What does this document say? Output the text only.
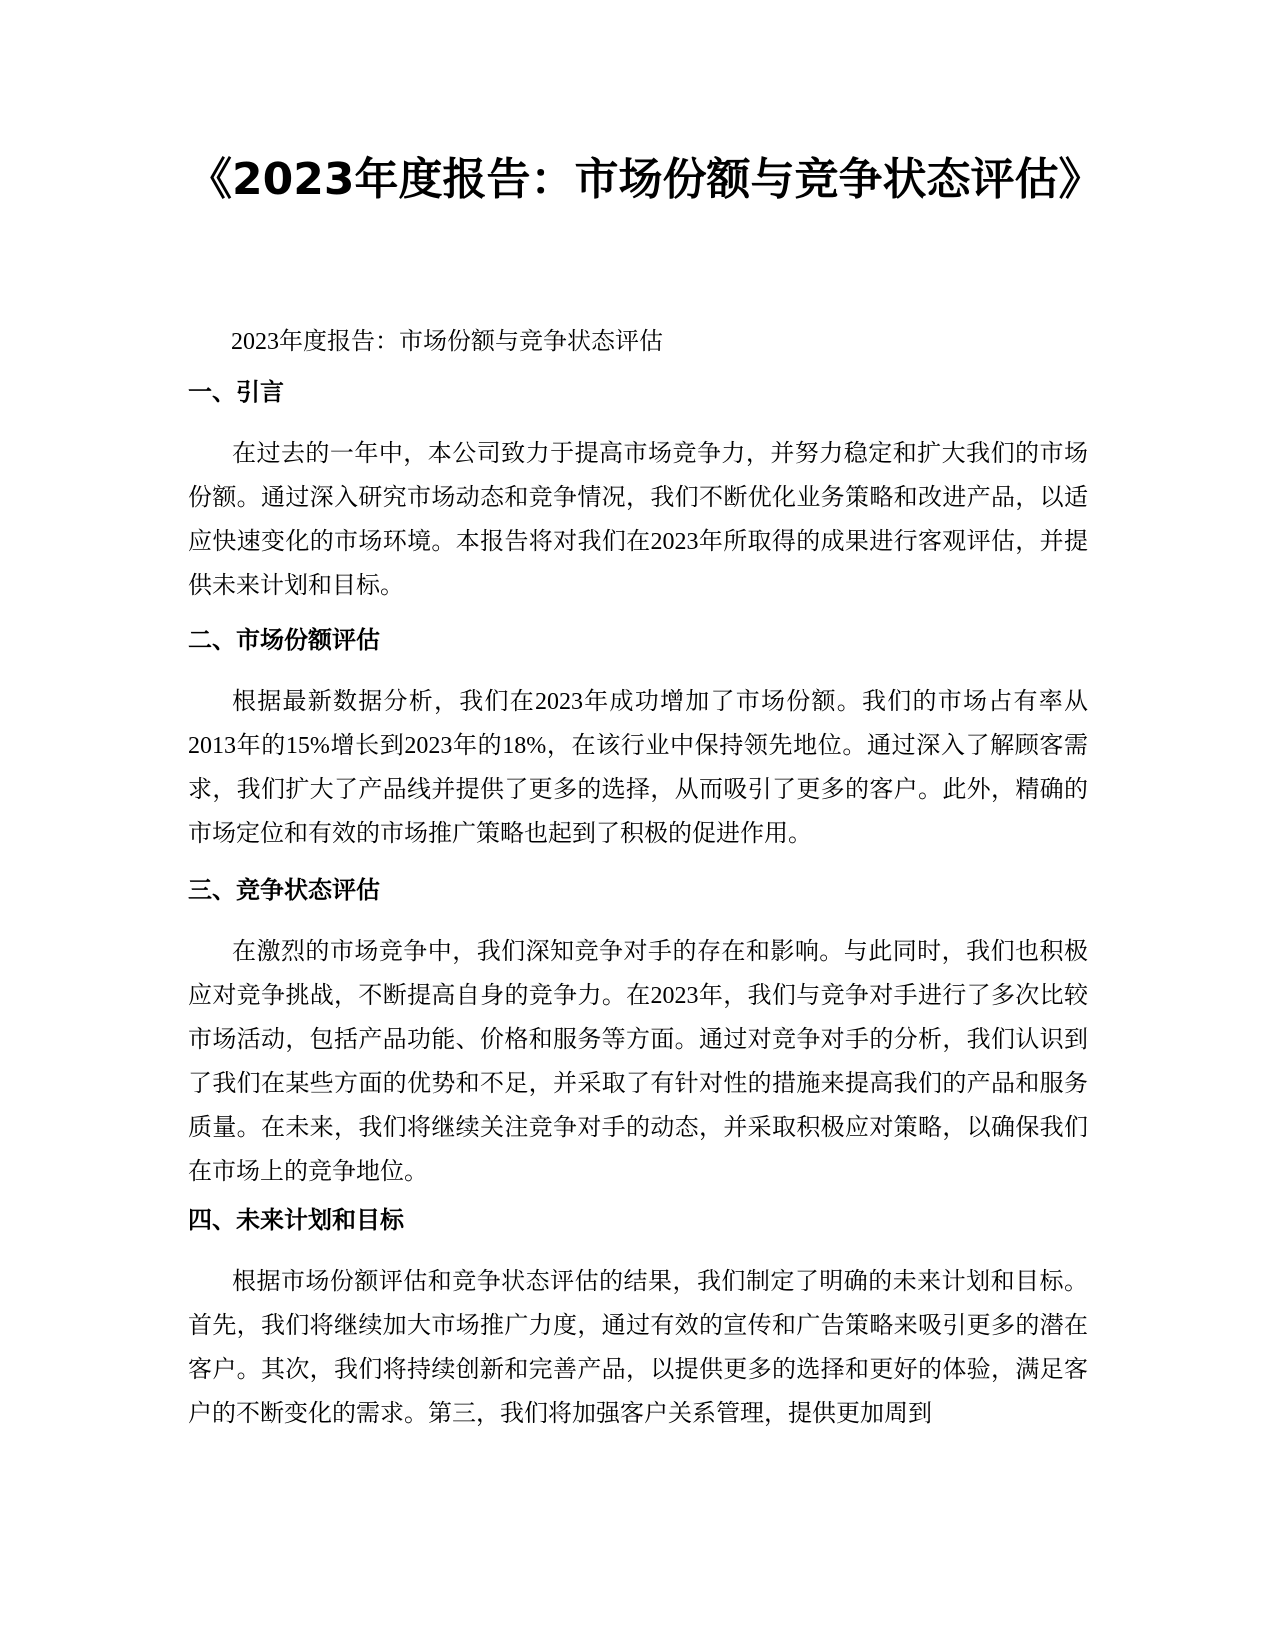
《2023年度报告：市场份额与竞争状态评估》

2023年度报告：市场份额与竞争状态评估

一、引言

在过去的一年中，本公司致力于提高市场竞争力，并努力稳定和扩大我们的市场份额。通过深入研究市场动态和竞争情况，我们不断优化业务策略和改进产品，以适应快速变化的市场环境。本报告将对我们在2023年所取得的成果进行客观评估，并提供未来计划和目标。

二、市场份额评估

根据最新数据分析，我们在2023年成功增加了市场份额。我们的市场占有率从2013年的15%增长到2023年的18%，在该行业中保持领先地位。通过深入了解顾客需求，我们扩大了产品线并提供了更多的选择，从而吸引了更多的客户。此外，精确的市场定位和有效的市场推广策略也起到了积极的促进作用。

三、竞争状态评估

在激烈的市场竞争中，我们深知竞争对手的存在和影响。与此同时，我们也积极应对竞争挑战，不断提高自身的竞争力。在2023年，我们与竞争对手进行了多次比较市场活动，包括产品功能、价格和服务等方面。通过对竞争对手的分析，我们认识到了我们在某些方面的优势和不足，并采取了有针对性的措施来提高我们的产品和服务质量。在未来，我们将继续关注竞争对手的动态，并采取积极应对策略，以确保我们在市场上的竞争地位。

四、未来计划和目标

根据市场份额评估和竞争状态评估的结果，我们制定了明确的未来计划和目标。首先，我们将继续加大市场推广力度，通过有效的宣传和广告策略来吸引更多的潜在客户。其次，我们将持续创新和完善产品，以提供更多的选择和更好的体验，满足客户的不断变化的需求。第三，我们将加强客户关系管理，提供更加周到
